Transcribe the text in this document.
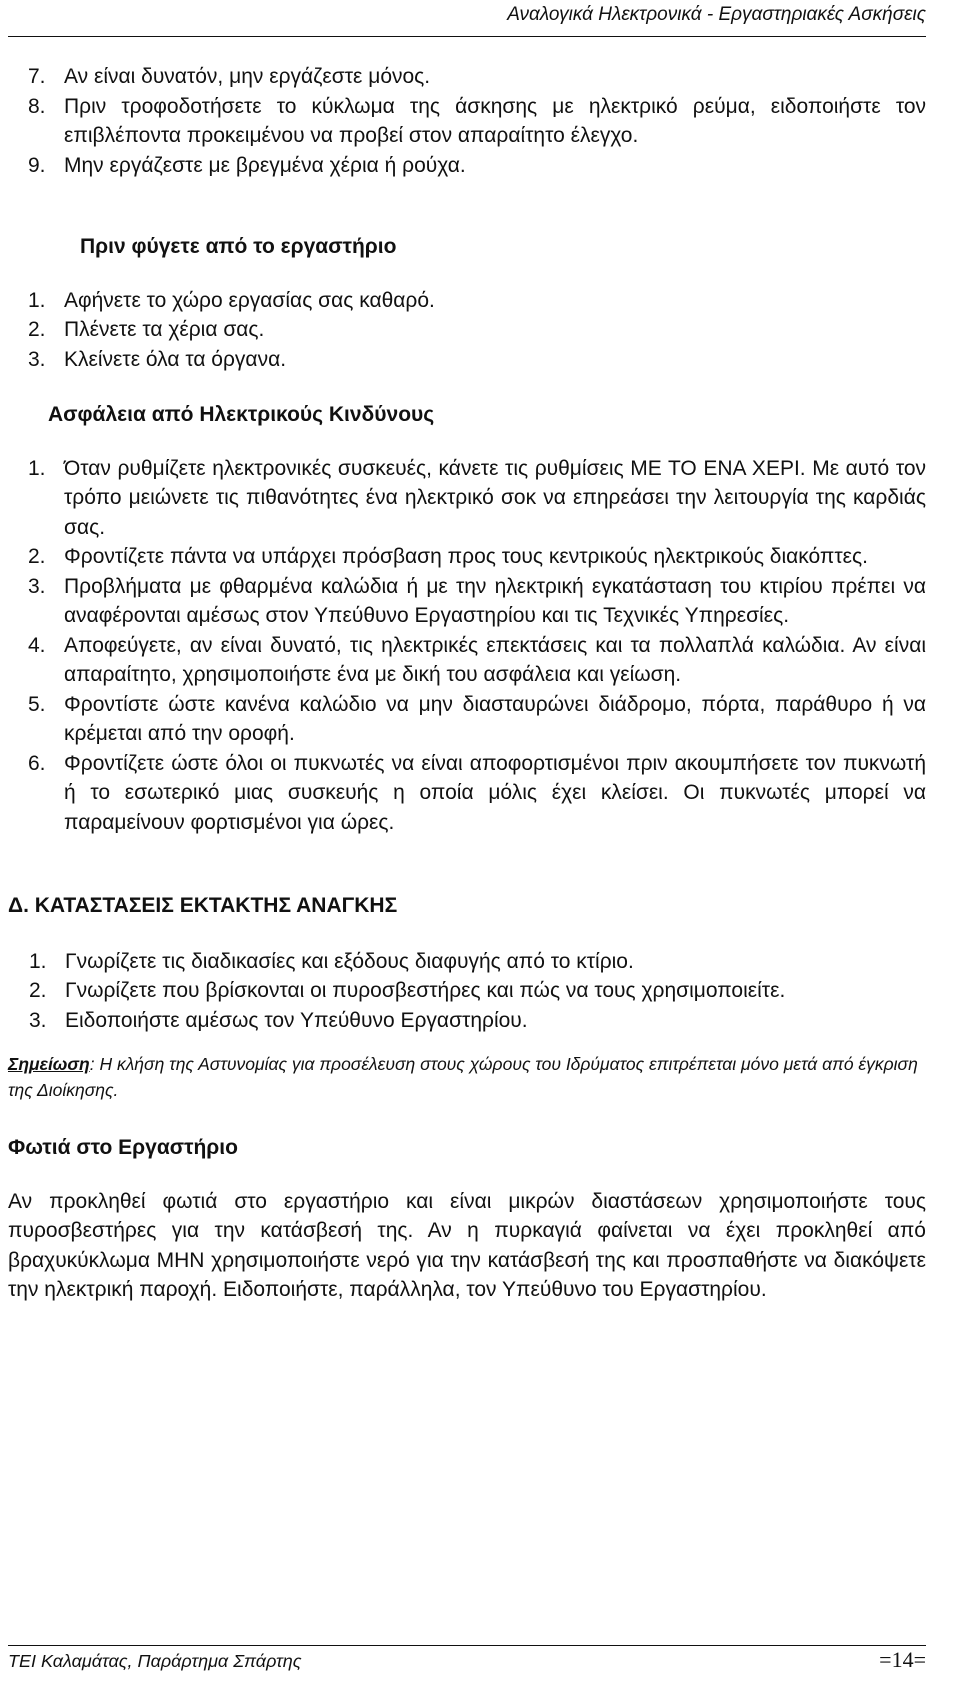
Αναλογικά Ηλεκτρονικά - Εργαστηριακές Ασκήσεις
7. Αν είναι δυνατόν, μην εργάζεστε μόνος.
8. Πριν τροφοδοτήσετε το κύκλωμα της άσκησης με ηλεκτρικό ρεύμα, ειδοποιήστε τον επιβλέποντα προκειμένου να προβεί στον απαραίτητο έλεγχο.
9. Μην εργάζεστε με βρεγμένα χέρια ή ρούχα.
Πριν φύγετε από το εργαστήριο
1. Αφήνετε το χώρο εργασίας σας καθαρό.
2. Πλένετε τα χέρια σας.
3. Κλείνετε όλα τα όργανα.
Ασφάλεια από Ηλεκτρικούς Κινδύνους
1. Όταν ρυθμίζετε ηλεκτρονικές συσκευές, κάνετε τις ρυθμίσεις ΜΕ ΤΟ ΕΝΑ ΧΕΡΙ. Με αυτό τον τρόπο μειώνετε τις πιθανότητες ένα ηλεκτρικό σοκ να επηρεάσει την λειτουργία της καρδιάς σας.
2. Φροντίζετε πάντα να υπάρχει πρόσβαση προς τους κεντρικούς ηλεκτρικούς διακόπτες.
3. Προβλήματα με φθαρμένα καλώδια ή με την ηλεκτρική εγκατάσταση του κτιρίου πρέπει να αναφέρονται αμέσως στον Υπεύθυνο Εργαστηρίου και τις Τεχνικές Υπηρεσίες.
4. Αποφεύγετε, αν είναι δυνατό, τις ηλεκτρικές επεκτάσεις και τα πολλαπλά καλώδια. Αν είναι απαραίτητο, χρησιμοποιήστε ένα με δική του ασφάλεια και γείωση.
5. Φροντίστε ώστε κανένα καλώδιο να μην διασταυρώνει διάδρομο, πόρτα, παράθυρο ή να κρέμεται από την οροφή.
6. Φροντίζετε ώστε όλοι οι πυκνωτές να είναι αποφορτισμένοι πριν ακουμπήσετε τον πυκνωτή ή το εσωτερικό μιας συσκευής η οποία μόλις έχει κλείσει. Οι πυκνωτές μπορεί να παραμείνουν φορτισμένοι για ώρες.
Δ. ΚΑΤΑΣΤΑΣΕΙΣ ΕΚΤΑΚΤΗΣ ΑΝΑΓΚΗΣ
1. Γνωρίζετε τις διαδικασίες και εξόδους διαφυγής από το κτίριο.
2. Γνωρίζετε που βρίσκονται οι πυροσβεστήρες και πώς να τους χρησιμοποιείτε.
3. Ειδοποιήστε αμέσως τον Υπεύθυνο Εργαστηρίου.
Σημείωση: Η κλήση της Αστυνομίας για προσέλευση στους χώρους του Ιδρύματος επιτρέπεται μόνο μετά από έγκριση της Διοίκησης.
Φωτιά στο Εργαστήριο
Αν προκληθεί φωτιά στο εργαστήριο και είναι μικρών διαστάσεων χρησιμοποιήστε τους πυροσβεστήρες για την κατάσβεσή της. Αν η πυρκαγιά φαίνεται να έχει προκληθεί από βραχυκύκλωμα ΜΗΝ χρησιμοποιήστε νερό για την κατάσβεσή της και προσπαθήστε να διακόψετε την ηλεκτρική παροχή. Ειδοποιήστε, παράλληλα, τον Υπεύθυνο του Εργαστηρίου.
ΤΕΙ Καλαμάτας, Παράρτημα Σπάρτης	=14=
